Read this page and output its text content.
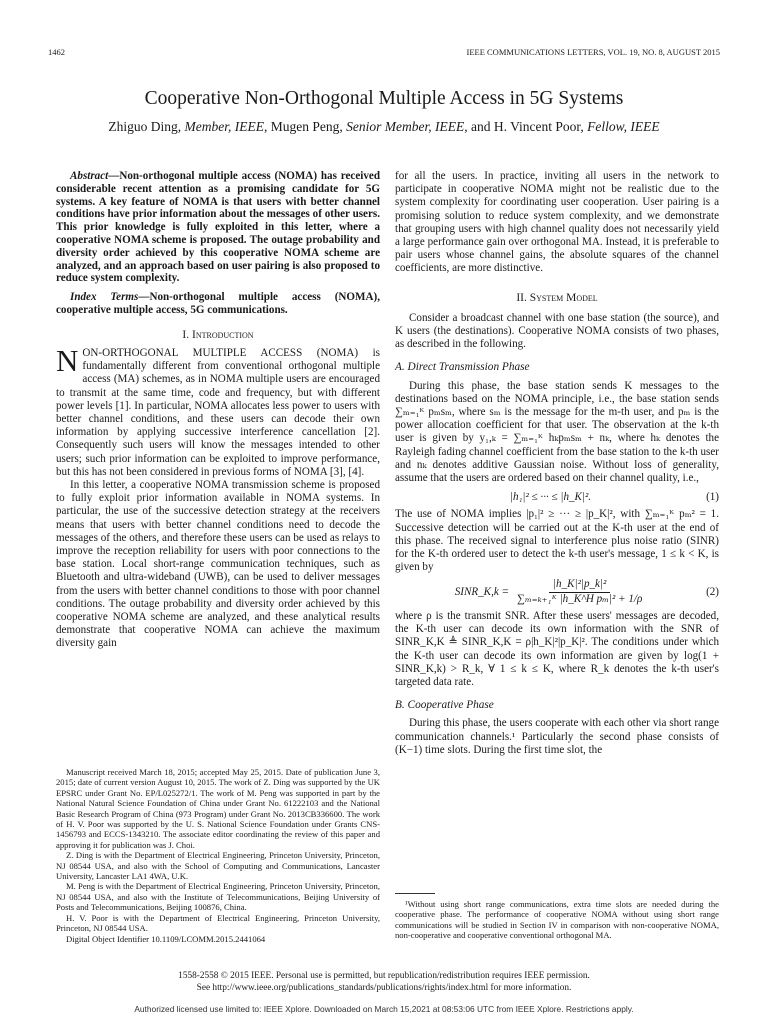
1462	IEEE COMMUNICATIONS LETTERS, VOL. 19, NO. 8, AUGUST 2015
Cooperative Non-Orthogonal Multiple Access in 5G Systems
Zhiguo Ding, Member, IEEE, Mugen Peng, Senior Member, IEEE, and H. Vincent Poor, Fellow, IEEE

Abstract—Non-orthogonal multiple access (NOMA) has received considerable recent attention as a promising candidate for 5G systems. A key feature of NOMA is that users with better channel conditions have prior information about the messages of other users. This prior knowledge is fully exploited in this letter, where a cooperative NOMA scheme is proposed. The outage probability and diversity order achieved by this cooperative NOMA scheme are analyzed, and an approach based on user pairing is also proposed to reduce system complexity.

Index Terms—Non-orthogonal multiple access (NOMA), cooperative multiple access, 5G communications.

I. Introduction

NON-ORTHOGONAL MULTIPLE ACCESS (NOMA) is fundamentally different from conventional orthogonal multiple access (MA) schemes, as in NOMA multiple users are encouraged to transmit at the same time, code and frequency, but with different power levels [1]. In particular, NOMA allocates less power to users with better channel conditions, and these users can decode their own information by applying successive interference cancellation [2]. Consequently such users will know the messages intended to other users; such prior information can be exploited to improve performance, but this has not been considered in previous forms of NOMA [3], [4].

In this letter, a cooperative NOMA transmission scheme is proposed to fully exploit prior information available in NOMA systems. In particular, the use of the successive detection strategy at the receivers means that users with better channel conditions need to decode the messages of the others, and therefore these users can be used as relays to improve the reception reliability for users with poor connections to the base station. Local short-range communication techniques, such as Bluetooth and ultra-wideband (UWB), can be used to deliver messages from the users with better channel conditions to those with poor channel conditions. The outage probability and diversity order achieved by this cooperative NOMA scheme are analyzed, and these analytical results demonstrate that cooperative NOMA can achieve the maximum diversity gain

Manuscript received March 18, 2015; accepted May 25, 2015. Date of publication June 3, 2015; date of current version August 10, 2015. The work of Z. Ding was supported by the UK EPSRC under Grant No. EP/L025272/1. The work of M. Peng was supported in part by the National Natural Science Foundation of China under Grant No. 61222103 and the National Basic Research Program of China (973 Program) under Grant No. 2013CB336600. The work of H. V. Poor was supported by the U. S. National Science Foundation under Grants CNS-1456793 and ECCS-1343210. The associate editor coordinating the review of this paper and approving it for publication was J. Choi.

Z. Ding is with the Department of Electrical Engineering, Princeton University, Princeton, NJ 08544 USA, and also with the School of Computing and Communications, Lancaster University, Lancaster LA1 4WA, U.K.

M. Peng is with the Department of Electrical Engineering, Princeton University, Princeton, NJ 08544 USA, and also with the Institute of Telecommunications, Beijing University of Posts and Telecommunications, Beijing 100876, China.

H. V. Poor is with the Department of Electrical Engineering, Princeton University, Princeton, NJ 08544 USA.

Digital Object Identifier 10.1109/LCOMM.2015.2441064

for all the users. In practice, inviting all users in the network to participate in cooperative NOMA might not be realistic due to the system complexity for coordinating user cooperation. User pairing is a promising solution to reduce system complexity, and we demonstrate that grouping users with high channel quality does not necessarily yield a large performance gain over orthogonal MA. Instead, it is preferable to pair users whose channel gains, the absolute squares of the channel coefficients, are more distinctive.

II. System Model

Consider a broadcast channel with one base station (the source), and K users (the destinations). Cooperative NOMA consists of two phases, as described in the following.

A. Direct Transmission Phase

During this phase, the base station sends K messages to the destinations based on the NOMA principle, i.e., the base station sends ∑ₘ₌₁ᴷ pₘsₘ, where sₘ is the message for the m-th user, and pₘ is the power allocation coefficient for that user. The observation at the k-th user is given by y₁,ₖ = ∑ₘ₌₁ᴷ hₖpₘsₘ + nₖ, where hₖ denotes the Rayleigh fading channel coefficient from the base station to the k-th user and nₖ denotes additive Gaussian noise. Without loss of generality, assume that the users are ordered based on their channel quality, i.e.,

|h₁|² ≤ ··· ≤ |h_K|².	(1)

The use of NOMA implies |p₁|² ≥ ··· ≥ |p_K|², with ∑ₘ₌₁ᴷ pₘ² = 1. Successive detection will be carried out at the K-th user at the end of this phase. The received signal to interference plus noise ratio (SINR) for the K-th ordered user to detect the k-th user's message, 1 ≤ k < K, is given by

SINR_K,k = $\frac{\text{|h\_K|²|p\_k|²}}{\text{∑ₘ₌ₖ₊₁ᴷ |h\_K\textasciicircum{}H pₘ|² + 1/ρ}}$	(2)

where ρ is the transmit SNR. After these users' messages are decoded, the K-th user can decode its own information with the SNR of SINR_K,K ≜ SINR_K,K = ρ|h_K|²|p_K|². The conditions under which the K-th user can decode its own information are given by log(1 + SINR_K,k) > R_k, ∀ 1 ≤ k ≤ K, where R_k denotes the k-th user's targeted data rate.

B. Cooperative Phase

During this phase, the users cooperate with each other via short range communication channels.¹ Particularly the second phase consists of (K−1) time slots. During the first time slot, the

¹Without using short range communications, extra time slots are needed during the cooperative phase. The performance of cooperative NOMA without using short range communications will be studied in Section IV in comparison with non-cooperative NOMA, non-cooperative and cooperative conventional orthogonal MA.

1558-2558 © 2015 IEEE. Personal use is permitted, but republication/redistribution requires IEEE permission.
See http://www.ieee.org/publications_standards/publications/rights/index.html for more information.
Authorized licensed use limited to: IEEE Xplore. Downloaded on March 15,2021 at 08:53:06 UTC from IEEE Xplore. Restrictions apply.
